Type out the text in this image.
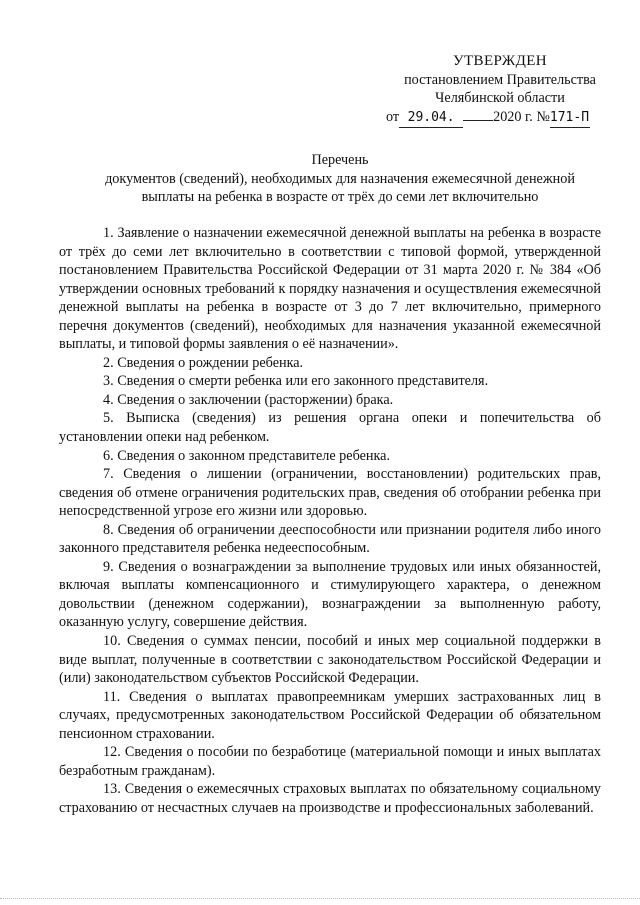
УТВЕРЖДЕН
постановлением Правительства
Челябинской области
от 29.04.	2020 г. №171-П
Перечень
документов (сведений), необходимых для назначения ежемесячной денежной
выплаты на ребенка в возрасте от трёх до семи лет включительно

1. Заявление о назначении ежемесячной денежной выплаты на ребенка в возрасте от трёх до семи лет включительно в соответствии с типовой формой, утвержденной постановлением Правительства Российской Федерации от 31 марта 2020 г. № 384 «Об утверждении основных требований к порядку назначения и осуществления ежемесячной денежной выплаты на ребенка в возрасте от 3 до 7 лет включительно, примерного перечня документов (сведений), необходимых для назначения указанной ежемесячной выплаты, и типовой формы заявления о её назначении».

2. Сведения о рождении ребенка.

3. Сведения о смерти ребенка или его законного представителя.

4. Сведения о заключении (расторжении) брака.

5. Выписка (сведения) из решения органа опеки и попечительства об установлении опеки над ребенком.

6. Сведения о законном представителе ребенка.

7. Сведения о лишении (ограничении, восстановлении) родительских прав, сведения об отмене ограничения родительских прав, сведения об отобрании ребенка при непосредственной угрозе его жизни или здоровью.

8. Сведения об ограничении дееспособности или признании родителя либо иного законного представителя ребенка недееспособным.

9. Сведения о вознаграждении за выполнение трудовых или иных обязанностей, включая выплаты компенсационного и стимулирующего характера, о денежном довольствии (денежном содержании), вознаграждении за выполненную работу, оказанную услугу, совершение действия.

10. Сведения о суммах пенсии, пособий и иных мер социальной поддержки в виде выплат, полученные в соответствии с законодательством Российской Федерации и (или) законодательством субъектов Российской Федерации.

11. Сведения о выплатах правопреемникам умерших застрахованных лиц в случаях, предусмотренных законодательством Российской Федерации об обязательном пенсионном страховании.

12. Сведения о пособии по безработице (материальной помощи и иных выплатах безработным гражданам).

13. Сведения о ежемесячных страховых выплатах по обязательному социальному страхованию от несчастных случаев на производстве и профессиональных заболеваний.
